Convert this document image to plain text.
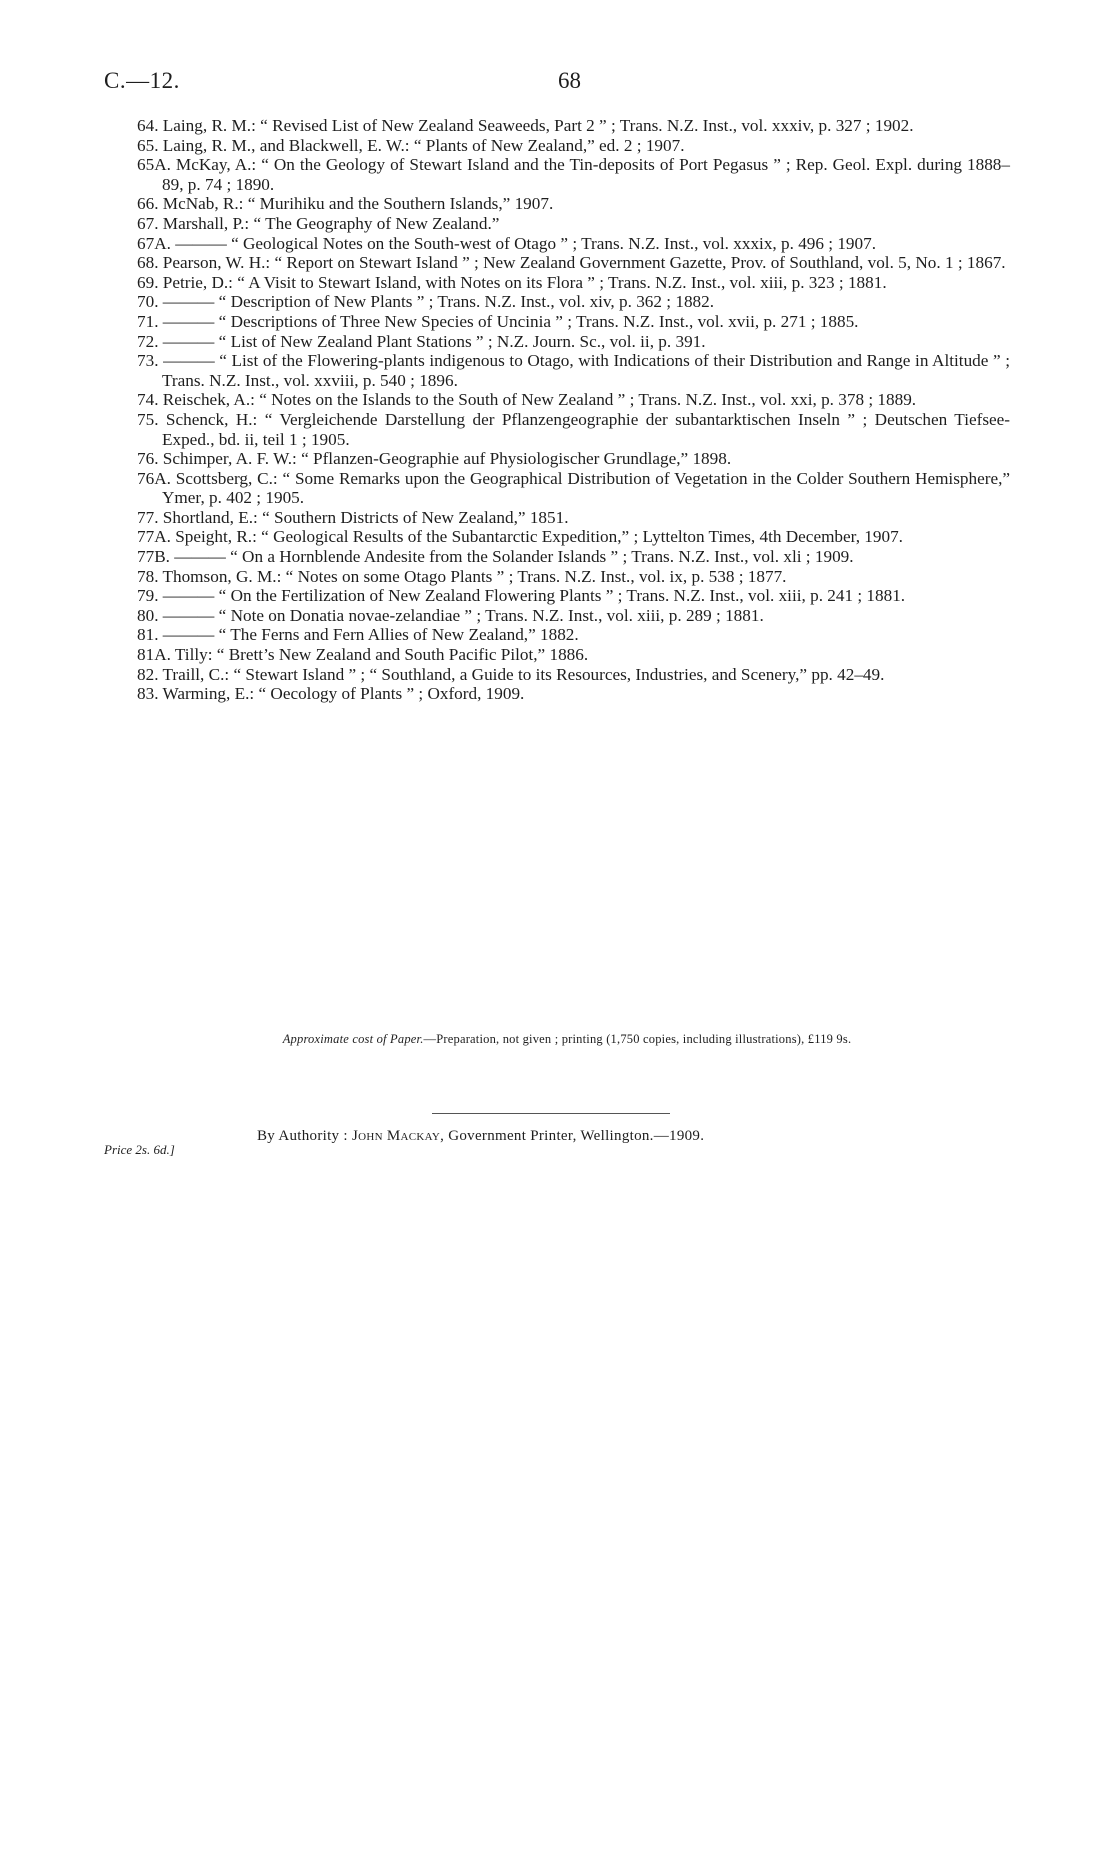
C.—12.	68

64. Laing, R. M.: “ Revised List of New Zealand Seaweeds, Part 2 ” ; Trans. N.Z. Inst., vol. xxxiv, p. 327 ; 1902.

65. Laing, R. M., and Blackwell, E. W.: “ Plants of New Zealand,” ed. 2 ; 1907.

65A. McKay, A.: “ On the Geology of Stewart Island and the Tin-deposits of Port Pegasus ” ; Rep. Geol. Expl. during 1888–89, p. 74 ; 1890.

66. McNab, R.: “ Murihiku and the Southern Islands,” 1907.

67. Marshall, P.: “ The Geography of New Zealand.”

67A. ——— “ Geological Notes on the South-west of Otago ” ; Trans. N.Z. Inst., vol. xxxix, p. 496 ; 1907.

68. Pearson, W. H.: “ Report on Stewart Island ” ; New Zealand Government Gazette, Prov. of Southland, vol. 5, No. 1 ; 1867.

69. Petrie, D.: “ A Visit to Stewart Island, with Notes on its Flora ” ; Trans. N.Z. Inst., vol. xiii, p. 323 ; 1881.

70. ——— “ Description of New Plants ” ; Trans. N.Z. Inst., vol. xiv, p. 362 ; 1882.

71. ——— “ Descriptions of Three New Species of Uncinia ” ; Trans. N.Z. Inst., vol. xvii, p. 271 ; 1885.

72. ——— “ List of New Zealand Plant Stations ” ; N.Z. Journ. Sc., vol. ii, p. 391.

73. ——— “ List of the Flowering-plants indigenous to Otago, with Indications of their Distribution and Range in Altitude ” ; Trans. N.Z. Inst., vol. xxviii, p. 540 ; 1896.

74. Reischek, A.: “ Notes on the Islands to the South of New Zealand ” ; Trans. N.Z. Inst., vol. xxi, p. 378 ; 1889.

75. Schenck, H.: “ Vergleichende Darstellung der Pflanzengeographie der subantarktischen Inseln ” ; Deutschen Tiefsee-Exped., bd. ii, teil 1 ; 1905.

76. Schimper, A. F. W.: “ Pflanzen-Geographie auf Physiologischer Grundlage,” 1898.

76A. Scottsberg, C.: “ Some Remarks upon the Geographical Distribution of Vegetation in the Colder Southern Hemisphere,” Ymer, p. 402 ; 1905.

77. Shortland, E.: “ Southern Districts of New Zealand,” 1851.

77A. Speight, R.: “ Geological Results of the Subantarctic Expedition,” ; Lyttelton Times, 4th December, 1907.

77B. ——— “ On a Hornblende Andesite from the Solander Islands ” ; Trans. N.Z. Inst., vol. xli ; 1909.

78. Thomson, G. M.: “ Notes on some Otago Plants ” ; Trans. N.Z. Inst., vol. ix, p. 538 ; 1877.

79. ——— “ On the Fertilization of New Zealand Flowering Plants ” ; Trans. N.Z. Inst., vol. xiii, p. 241 ; 1881.

80. ——— “ Note on Donatia novae-zelandiae ” ; Trans. N.Z. Inst., vol. xiii, p. 289 ; 1881.

81. ——— “ The Ferns and Fern Allies of New Zealand,” 1882.

81A. Tilly: “ Brett’s New Zealand and South Pacific Pilot,” 1886.

82. Traill, C.: “ Stewart Island ” ; “ Southland, a Guide to its Resources, Industries, and Scenery,” pp. 42–49.

83. Warming, E.: “ Oecology of Plants ” ; Oxford, 1909.

Approximate cost of Paper.—Preparation, not given ; printing (1,750 copies, including illustrations), £119 9s.
By Authority : John Mackay, Government Printer, Wellington.—1909.
Price 2s. 6d.]
